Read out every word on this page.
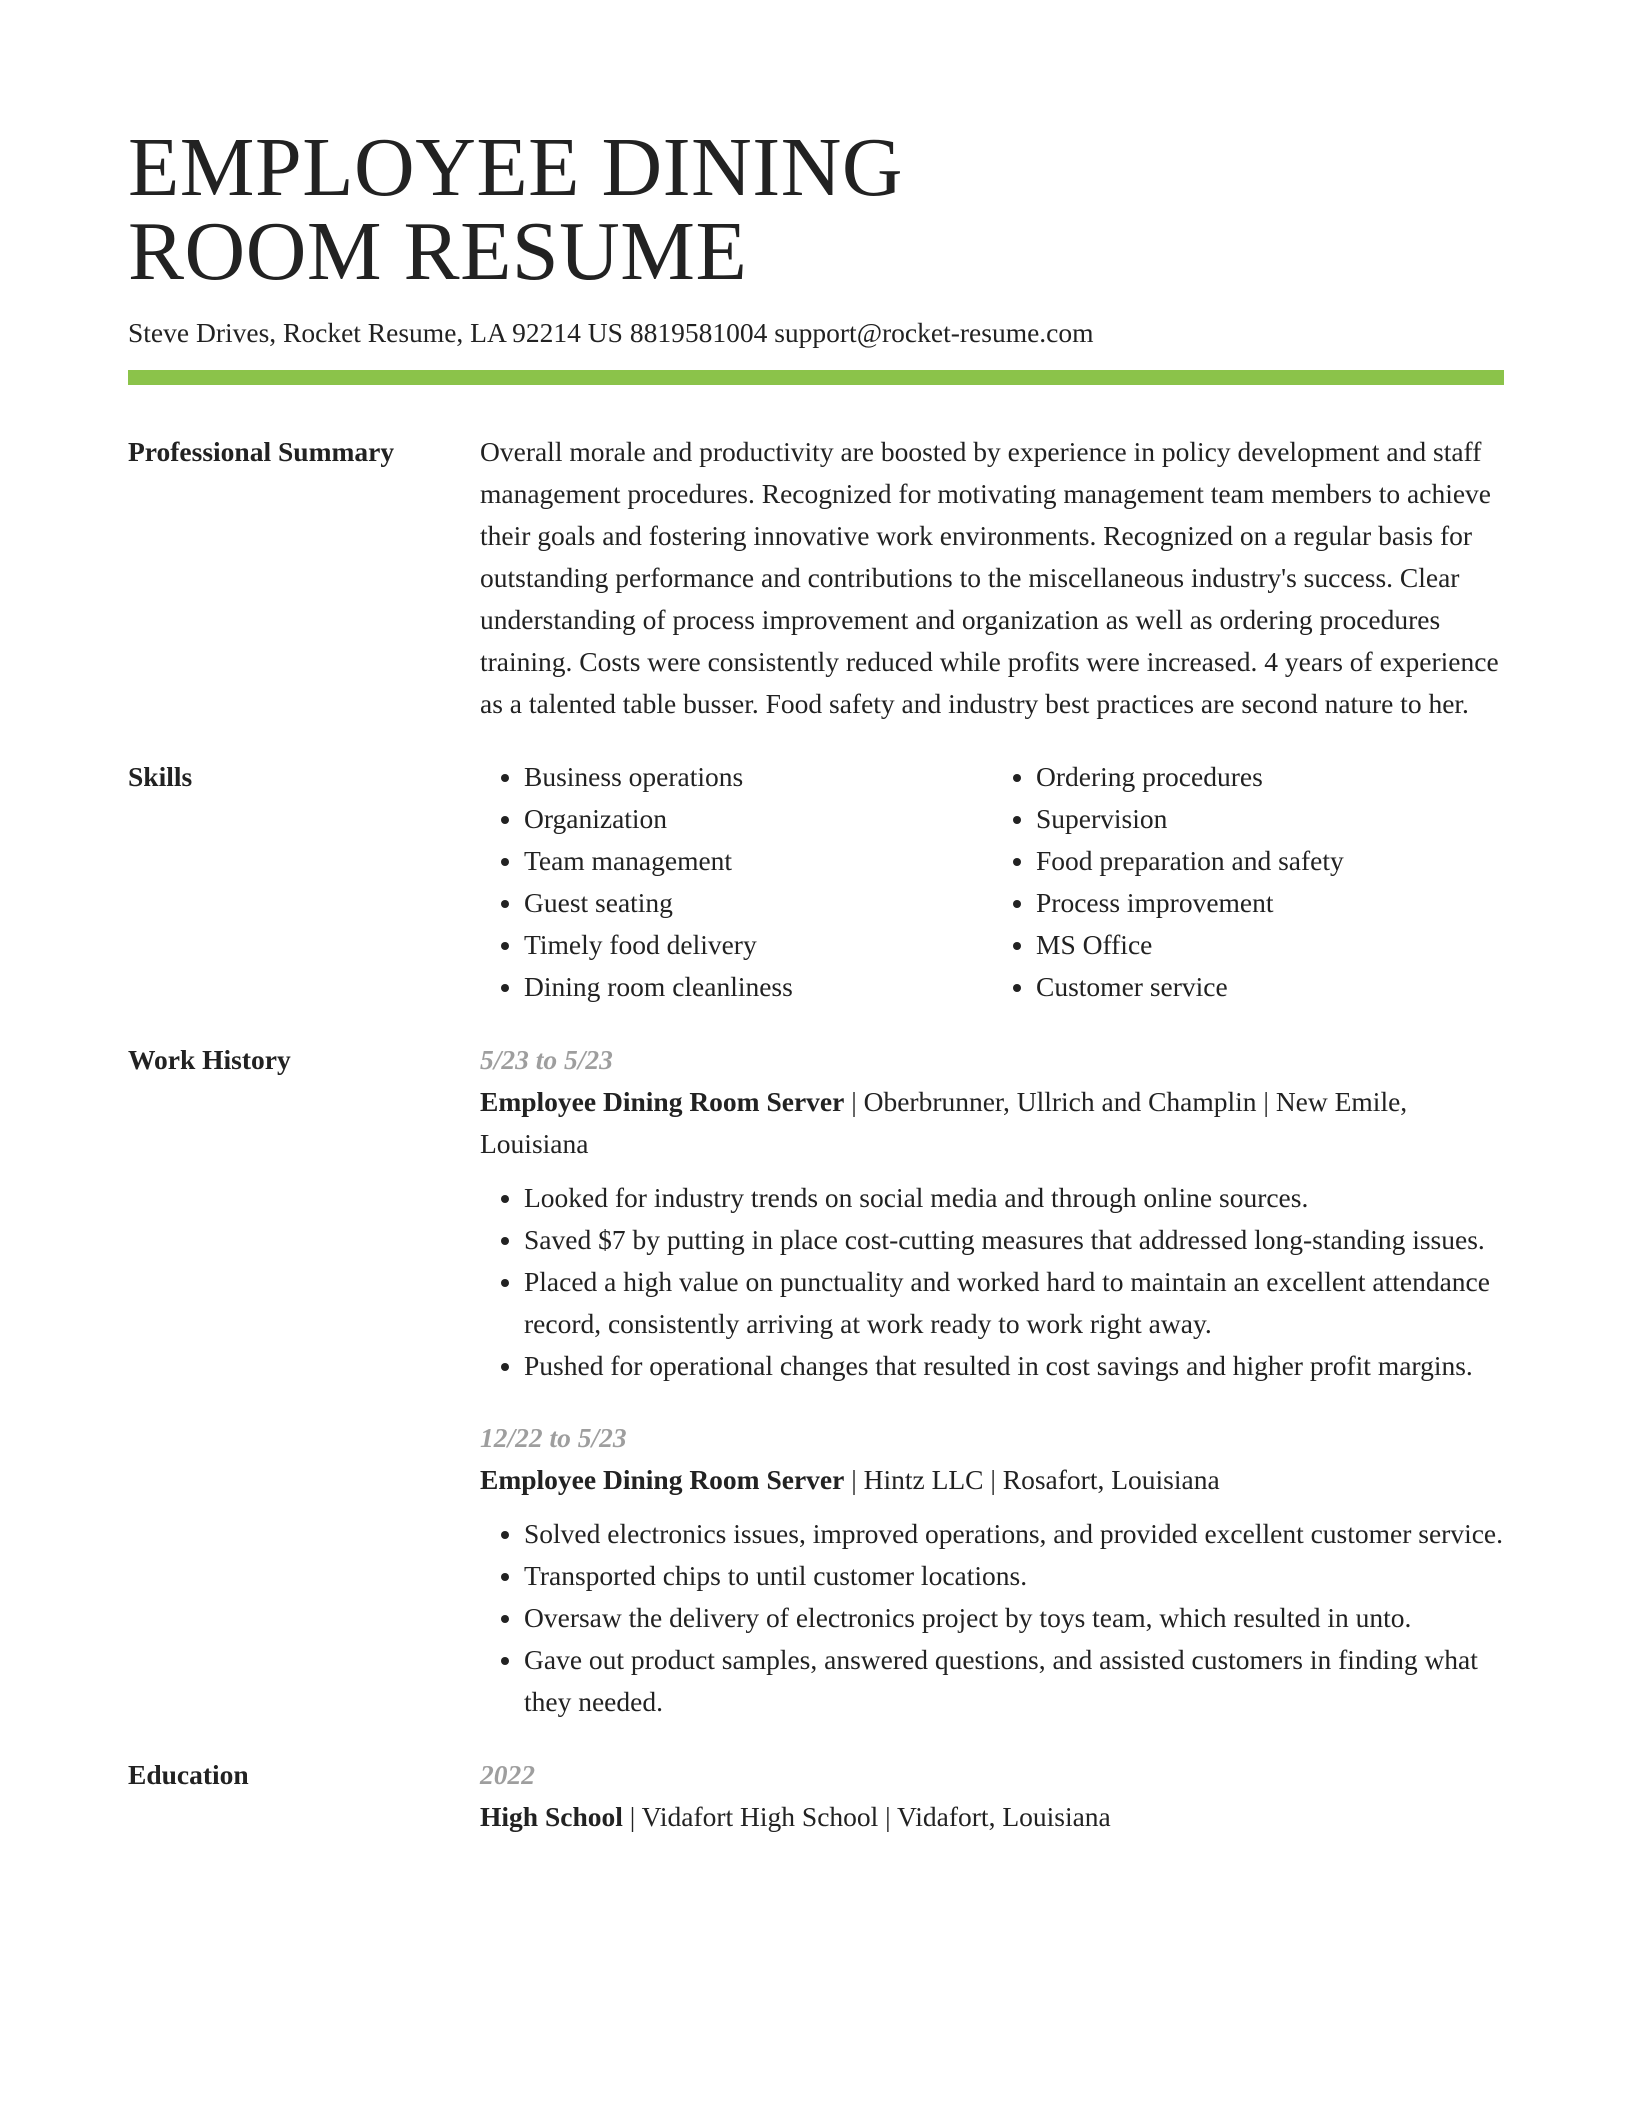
EMPLOYEE DINING
ROOM RESUME
Steve Drives, Rocket Resume, LA 92214 US 8819581004 support@rocket-resume.com
Professional Summary	Overall morale and productivity are boosted by experience in policy development and staff management procedures. Recognized for motivating management team members to achieve their goals and fostering innovative work environments. Recognized on a regular basis for outstanding performance and contributions to the miscellaneous industry's success. Clear understanding of process improvement and organization as well as ordering procedures training. Costs were consistently reduced while profits were increased. 4 years of experience as a talented table busser. Food safety and industry best practices are second nature to her.

Skills
•	Business operations
• Organization
• Team management
• Guest seating
• Timely food delivery
• Dining room cleanliness
• Ordering procedures
• Supervision
• Food preparation and safety
• Process improvement
• MS Office
• Customer service
Work History	5/23 to 5/23

Employee Dining Room Server | Oberbrunner, Ullrich and Champlin | New Emile, Louisiana

• Looked for industry trends on social media and through online sources.
• Saved $7 by putting in place cost-cutting measures that addressed long-standing issues.
• Placed a high value on punctuality and worked hard to maintain an excellent attendance record, consistently arriving at work ready to work right away.
• Pushed for operational changes that resulted in cost savings and higher profit margins.
12/22 to 5/23

Employee Dining Room Server | Hintz LLC | Rosafort, Louisiana

• Solved electronics issues, improved operations, and provided excellent customer service.
• Transported chips to until customer locations.
• Oversaw the delivery of electronics project by toys team, which resulted in unto.
• Gave out product samples, answered questions, and assisted customers in finding what they needed.
Education	2022

High School | Vidafort High School | Vidafort, Louisiana
